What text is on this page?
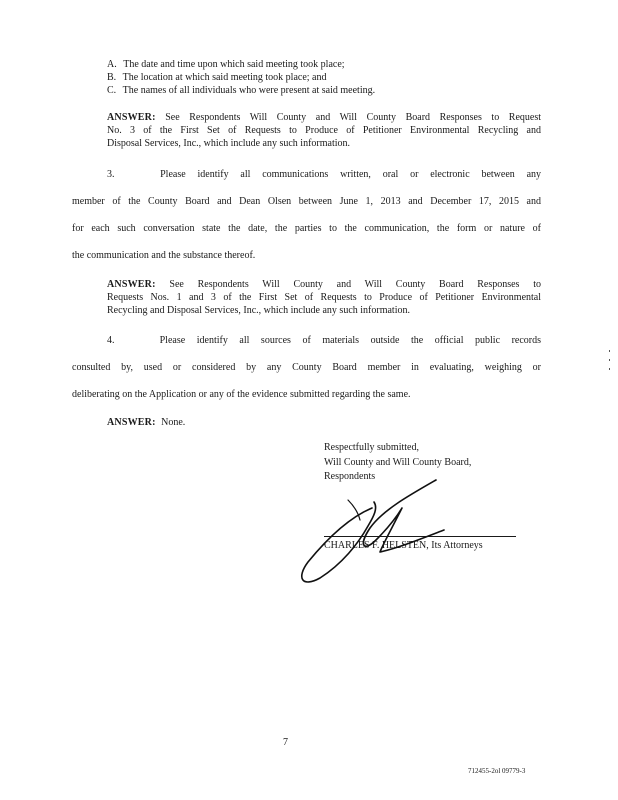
A. The date and time upon which said meeting took place;
B. The location at which said meeting took place; and
C. The names of all individuals who were present at said meeting.
ANSWER: See Respondents Will County and Will County Board Responses to Request
No. 3 of the First Set of Requests to Produce of Petitioner Environmental Recycling and
Disposal Services, Inc., which include any such information.
3.	Please identify all communications written, oral or electronic between any
member of the County Board and Dean Olsen between June 1, 2013 and December 17, 2015 and
for each such conversation state the date, the parties to the communication, the form or nature of
the communication and the substance thereof.
ANSWER: See Respondents Will County and Will County Board Responses to
Requests Nos. 1 and 3 of the First Set of Requests to Produce of Petitioner Environmental
Recycling and Disposal Services, Inc., which include any such information.
4.	Please identify all sources of materials outside the official public records
consulted by, used or considered by any County Board member in evaluating, weighing or
deliberating on the Application or any of the evidence submitted regarding the same.
ANSWER: None.
Respectfully submitted,
Will County and Will County Board,
Respondents
CHARLES F. HELSTEN, Its Attorneys
7
712455-2ol 09779-3
